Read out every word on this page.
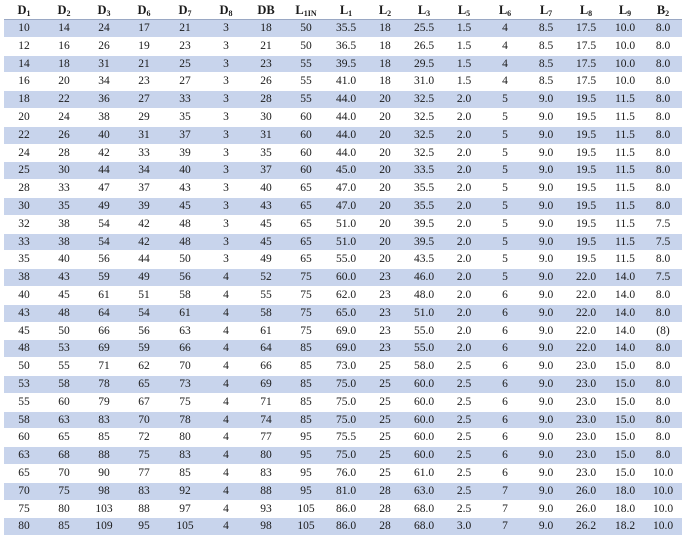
$D_1$	$D_2$	$D_3$	$D_6$	$D_7$	$D_8$	DB	$L_{1IN}$	$L_1$	$L_2$	$L_3$	$L_5$	$L_6$	$L_7$	$L_8$	$L_9$	$B_2$
10	14	24	17	21	3	18	50	35.5	18	25.5	1.5	4	8.5	17.5	10.0	8.0
12	16	26	19	23	3	21	50	36.5	18	26.5	1.5	4	8.5	17.5	10.0	8.0
14	18	31	21	25	3	23	55	39.5	18	29.5	1.5	4	8.5	17.5	10.0	8.0
16	20	34	23	27	3	26	55	41.0	18	31.0	1.5	4	8.5	17.5	10.0	8.0
18	22	36	27	33	3	28	55	44.0	20	32.5	2.0	5	9.0	19.5	11.5	8.0
20	24	38	29	35	3	30	60	44.0	20	32.5	2.0	5	9.0	19.5	11.5	8.0
22	26	40	31	37	3	31	60	44.0	20	32.5	2.0	5	9.0	19.5	11.5	8.0
24	28	42	33	39	3	35	60	44.0	20	32.5	2.0	5	9.0	19.5	11.5	8.0
25	30	44	34	40	3	37	60	45.0	20	33.5	2.0	5	9.0	19.5	11.5	8.0
28	33	47	37	43	3	40	65	47.0	20	35.5	2.0	5	9.0	19.5	11.5	8.0
30	35	49	39	45	3	43	65	47.0	20	35.5	2.0	5	9.0	19.5	11.5	8.0
32	38	54	42	48	3	45	65	51.0	20	39.5	2.0	5	9.0	19.5	11.5	7.5
33	38	54	42	48	3	45	65	51.0	20	39.5	2.0	5	9.0	19.5	11.5	7.5
35	40	56	44	50	3	49	65	55.0	20	43.5	2.0	5	9.0	19.5	11.5	8.0
38	43	59	49	56	4	52	75	60.0	23	46.0	2.0	5	9.0	22.0	14.0	7.5
40	45	61	51	58	4	55	75	62.0	23	48.0	2.0	6	9.0	22.0	14.0	8.0
43	48	64	54	61	4	58	75	65.0	23	51.0	2.0	6	9.0	22.0	14.0	8.0
45	50	66	56	63	4	61	75	69.0	23	55.0	2.0	6	9.0	22.0	14.0	(8)
48	53	69	59	66	4	64	85	69.0	23	55.0	2.0	6	9.0	22.0	14.0	8.0
50	55	71	62	70	4	66	85	73.0	25	58.0	2.5	6	9.0	23.0	15.0	8.0
53	58	78	65	73	4	69	85	75.0	25	60.0	2.5	6	9.0	23.0	15.0	8.0
55	60	79	67	75	4	71	85	75.0	25	60.0	2.5	6	9.0	23.0	15.0	8.0
58	63	83	70	78	4	74	85	75.0	25	60.0	2.5	6	9.0	23.0	15.0	8.0
60	65	85	72	80	4	77	95	75.5	25	60.0	2.5	6	9.0	23.0	15.0	8.0
63	68	88	75	83	4	80	95	75.0	25	60.0	2.5	6	9.0	23.0	15.0	8.0
65	70	90	77	85	4	83	95	76.0	25	61.0	2.5	6	9.0	23.0	15.0	10.0
70	75	98	83	92	4	88	95	81.0	28	63.0	2.5	7	9.0	26.0	18.0	10.0
75	80	103	88	97	4	93	105	86.0	28	68.0	2.5	7	9.0	26.0	18.0	10.0
80	85	109	95	105	4	98	105	86.0	28	68.0	3.0	7	9.0	26.2	18.2	10.0
